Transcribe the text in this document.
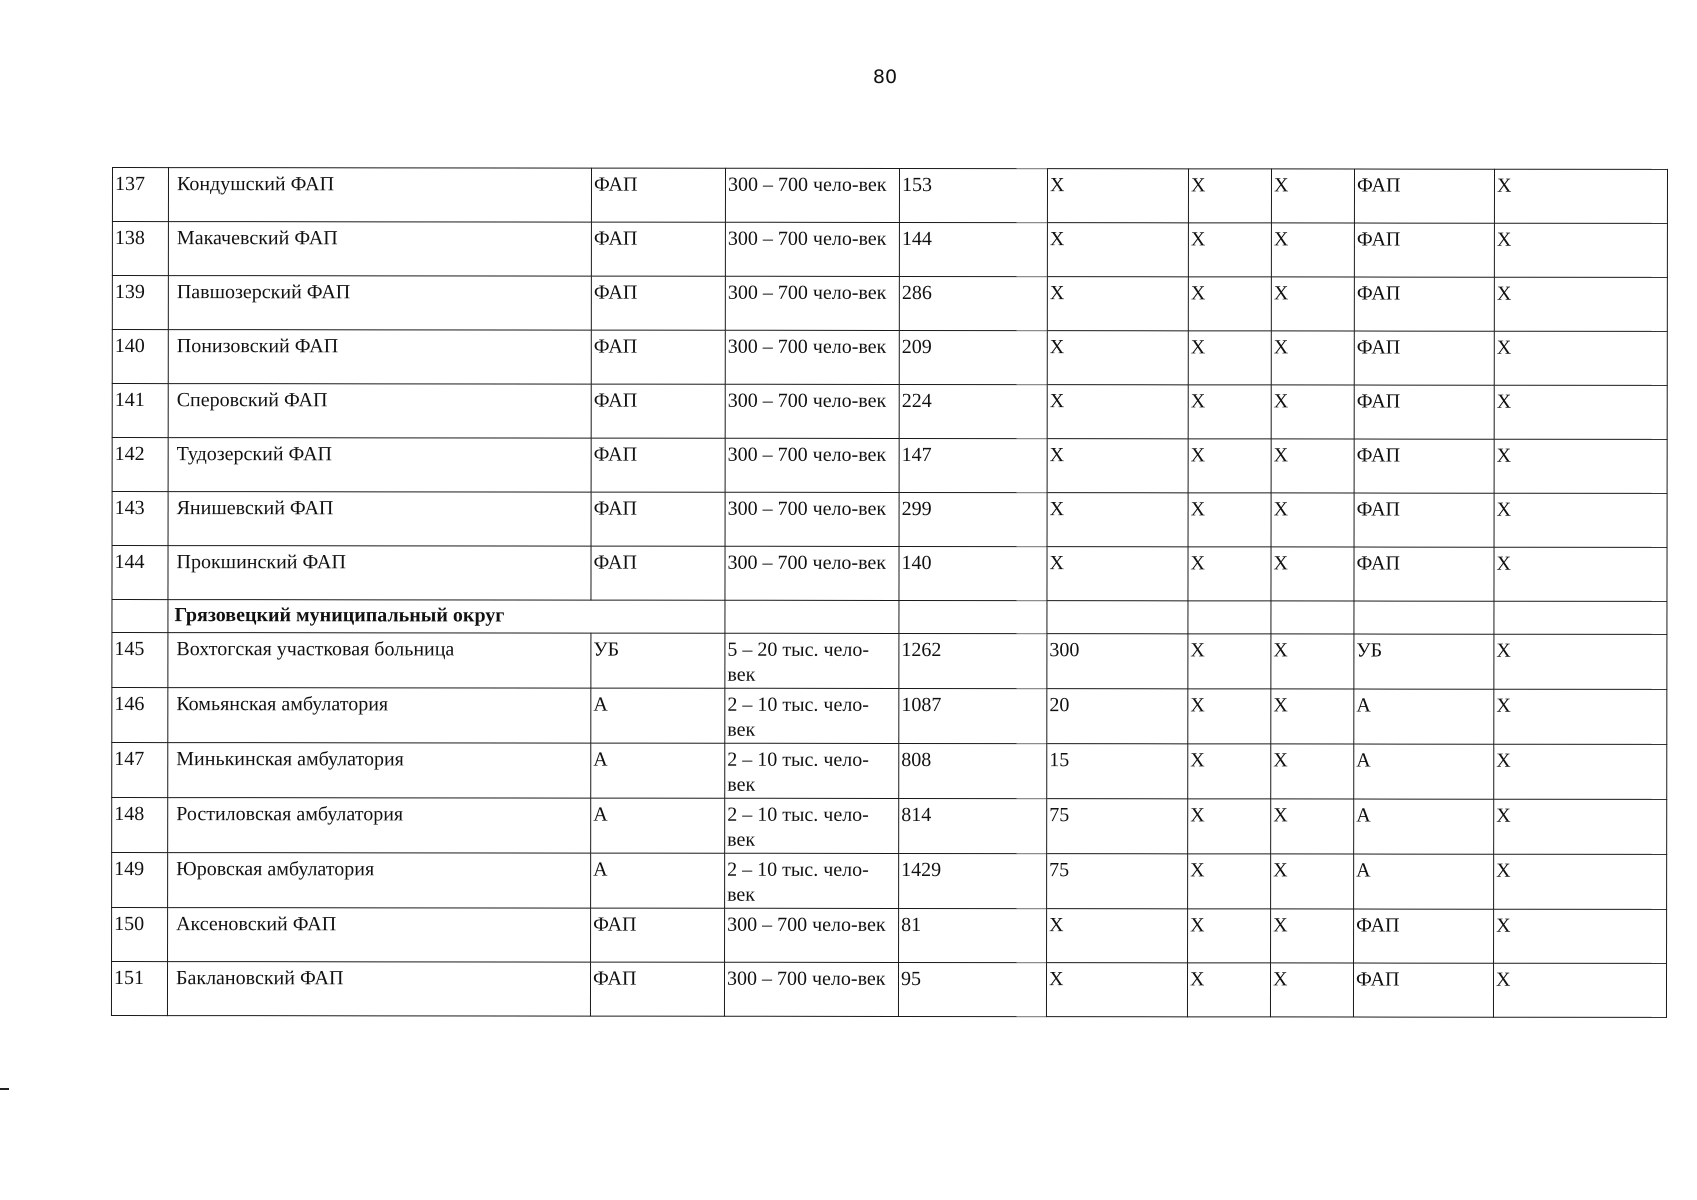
80
137	Кондушский ФАП	ФАП	300 – 700 чело-век	153	Х	Х	Х	ФАП	Х
138	Макачевский ФАП	ФАП	300 – 700 чело-век	144	Х	Х	Х	ФАП	Х
139	Павшозерский ФАП	ФАП	300 – 700 чело-век	286	Х	Х	Х	ФАП	Х
140	Понизовский ФАП	ФАП	300 – 700 чело-век	209	Х	Х	Х	ФАП	Х
141	Сперовский ФАП	ФАП	300 – 700 чело-век	224	Х	Х	Х	ФАП	Х
142	Тудозерский ФАП	ФАП	300 – 700 чело-век	147	Х	Х	Х	ФАП	Х
143	Янишевский ФАП	ФАП	300 – 700 чело-век	299	Х	Х	Х	ФАП	Х
144	Прокшинский ФАП	ФАП	300 – 700 чело-век	140	Х	Х	Х	ФАП	Х
	Грязовецкий муниципальный округ								
145	Вохтогская участковая больница	УБ	5 – 20 тыс. чело-век	1262	300	Х	Х	УБ	Х
146	Комьянская амбулатория	А	2 – 10 тыс. чело-век	1087	20	Х	Х	А	Х
147	Минькинская амбулатория	А	2 – 10 тыс. чело-век	808	15	Х	Х	А	Х
148	Ростиловская амбулатория	А	2 – 10 тыс. чело-век	814	75	Х	Х	А	Х
149	Юровская амбулатория	А	2 – 10 тыс. чело-век	1429	75	Х	Х	А	Х
150	Аксеновский ФАП	ФАП	300 – 700 чело-век	81	Х	Х	Х	ФАП	Х
151	Баклановский ФАП	ФАП	300 – 700 чело-век	95	Х	Х	Х	ФАП	Х
